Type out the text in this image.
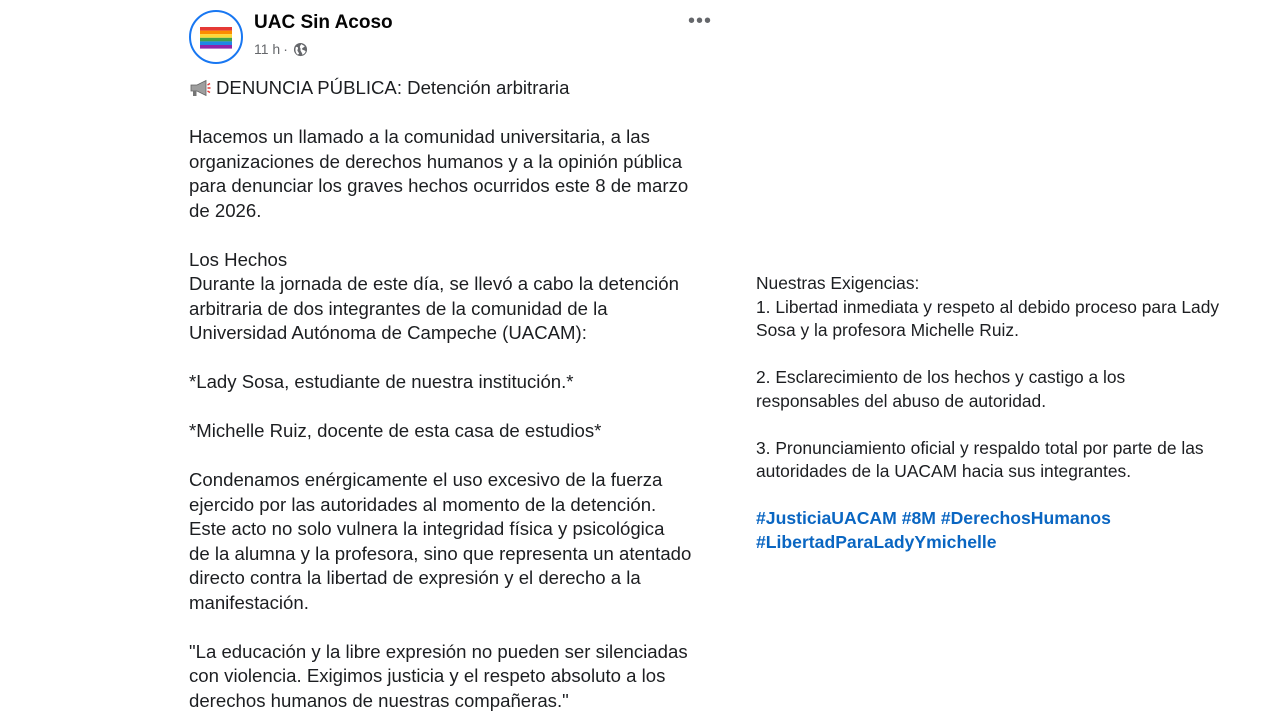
UAC Sin Acoso
11 h ·
•••
DENUNCIA PÚBLICA: Detención arbitraria
Hacemos un llamado a la comunidad universitaria, a las
organizaciones de derechos humanos y a la opinión pública
para denunciar los graves hechos ocurridos este 8 de marzo
de 2026.
Los Hechos
Durante la jornada de este día, se llevó a cabo la detención
arbitraria de dos integrantes de la comunidad de la
Universidad Autónoma de Campeche (UACAM):
*Lady Sosa, estudiante de nuestra institución.*
*Michelle Ruiz, docente de esta casa de estudios*
Condenamos enérgicamente el uso excesivo de la fuerza
ejercido por las autoridades al momento de la detención.
Este acto no solo vulnera la integridad física y psicológica
de la alumna y la profesora, sino que representa un atentado
directo contra la libertad de expresión y el derecho a la
manifestación.
"La educación y la libre expresión no pueden ser silenciadas
con violencia. Exigimos justicia y el respeto absoluto a los
derechos humanos de nuestras compañeras."
Nuestras Exigencias:
1. Libertad inmediata y respeto al debido proceso para Lady
Sosa y la profesora Michelle Ruiz.
2. Esclarecimiento de los hechos y castigo a los
responsables del abuso de autoridad.
3. Pronunciamiento oficial y respaldo total por parte de las
autoridades de la UACAM hacia sus integrantes.
#JusticiaUACAM #8M #DerechosHumanos
#LibertadParaLadyYmichelle
